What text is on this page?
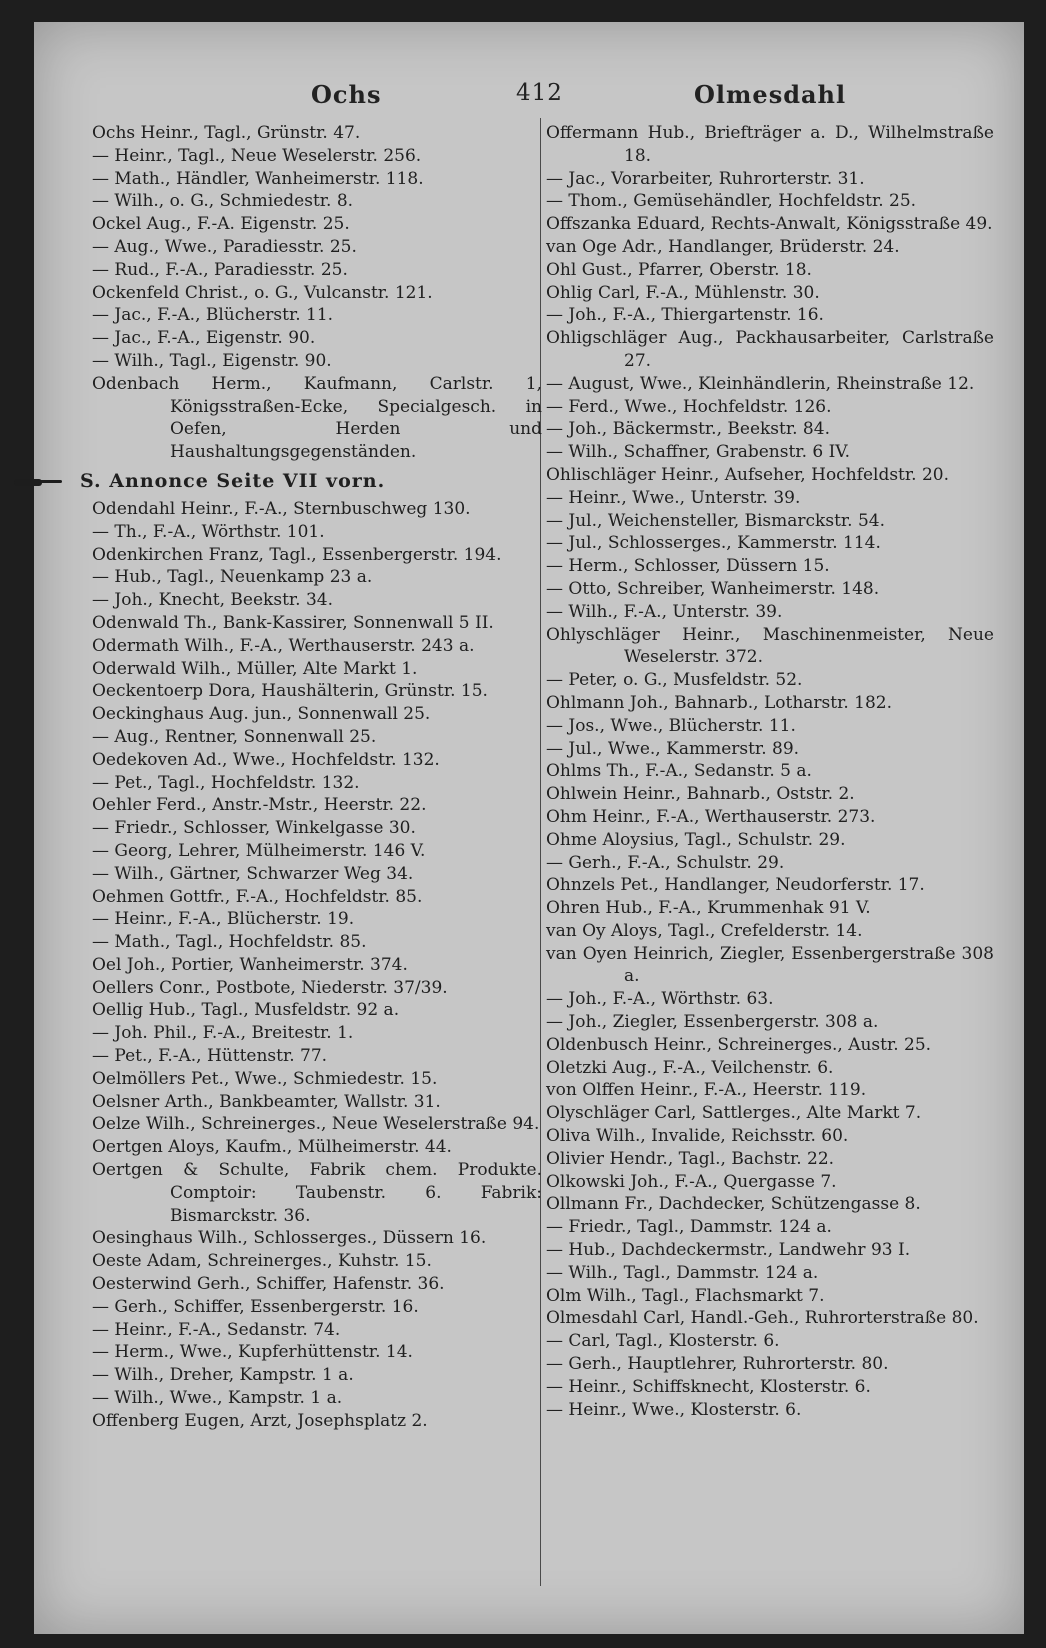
Ochs	412	Olmesdahl
Ochs Heinr., Tagl., Grünstr. 47.
— Heinr., Tagl., Neue Weselerstr. 256.
— Math., Händler, Wanheimerstr. 118.
— Wilh., o. G., Schmiedestr. 8.
Ockel Aug., F.-A. Eigenstr. 25.
— Aug., Wwe., Paradiesstr. 25.
— Rud., F.-A., Paradiesstr. 25.
Ockenfeld Christ., o. G., Vulcanstr. 121.
— Jac., F.-A., Blücherstr. 11.
— Jac., F.-A., Eigenstr. 90.
— Wilh., Tagl., Eigenstr. 90.
Odenbach Herm., Kaufmann, Carlstr. 1, Königsstraßen-Ecke, Specialgesch. in Oefen, Herden und Haushaltungsgegenständen.
S. Annonce Seite VII vorn.
Odendahl Heinr., F.-A., Sternbuschweg 130.
— Th., F.-A., Wörthstr. 101.
Odenkirchen Franz, Tagl., Essenbergerstr. 194.
— Hub., Tagl., Neuenkamp 23 a.
— Joh., Knecht, Beekstr. 34.
Odenwald Th., Bank-Kassirer, Sonnenwall 5 II.
Odermath Wilh., F.-A., Werthauserstr. 243 a.
Oderwald Wilh., Müller, Alte Markt 1.
Oeckentoerp Dora, Haushälterin, Grünstr. 15.
Oeckinghaus Aug. jun., Sonnenwall 25.
— Aug., Rentner, Sonnenwall 25.
Oedekoven Ad., Wwe., Hochfeldstr. 132.
— Pet., Tagl., Hochfeldstr. 132.
Oehler Ferd., Anstr.-Mstr., Heerstr. 22.
— Friedr., Schlosser, Winkelgasse 30.
— Georg, Lehrer, Mülheimerstr. 146 V.
— Wilh., Gärtner, Schwarzer Weg 34.
Oehmen Gottfr., F.-A., Hochfeldstr. 85.
— Heinr., F.-A., Blücherstr. 19.
— Math., Tagl., Hochfeldstr. 85.
Oel Joh., Portier, Wanheimerstr. 374.
Oellers Conr., Postbote, Niederstr. 37/39.
Oellig Hub., Tagl., Musfeldstr. 92 a.
— Joh. Phil., F.-A., Breitestr. 1.
— Pet., F.-A., Hüttenstr. 77.
Oelmöllers Pet., Wwe., Schmiedestr. 15.
Oelsner Arth., Bankbeamter, Wallstr. 31.
Oelze Wilh., Schreinerges., Neue Weselerstraße 94.
Oertgen Aloys, Kaufm., Mülheimerstr. 44.
Oertgen & Schulte, Fabrik chem. Produkte. Comptoir: Taubenstr. 6. Fabrik: Bismarckstr. 36.
Oesinghaus Wilh., Schlosserges., Düssern 16.
Oeste Adam, Schreinerges., Kuhstr. 15.
Oesterwind Gerh., Schiffer, Hafenstr. 36.
— Gerh., Schiffer, Essenbergerstr. 16.
— Heinr., F.-A., Sedanstr. 74.
— Herm., Wwe., Kupferhüttenstr. 14.
— Wilh., Dreher, Kampstr. 1 a.
— Wilh., Wwe., Kampstr. 1 a.
Offenberg Eugen, Arzt, Josephsplatz 2.
Offermann Hub., Briefträger a. D., Wilhelmstraße 18.
— Jac., Vorarbeiter, Ruhrorterstr. 31.
— Thom., Gemüsehändler, Hochfeldstr. 25.
Offszanka Eduard, Rechts-Anwalt, Königsstraße 49.
van Oge Adr., Handlanger, Brüderstr. 24.
Ohl Gust., Pfarrer, Oberstr. 18.
Ohlig Carl, F.-A., Mühlenstr. 30.
— Joh., F.-A., Thiergartenstr. 16.
Ohligschläger Aug., Packhausarbeiter, Carlstraße 27.
— August, Wwe., Kleinhändlerin, Rheinstraße 12.
— Ferd., Wwe., Hochfeldstr. 126.
— Joh., Bäckermstr., Beekstr. 84.
— Wilh., Schaffner, Grabenstr. 6 IV.
Ohlischläger Heinr., Aufseher, Hochfeldstr. 20.
— Heinr., Wwe., Unterstr. 39.
— Jul., Weichensteller, Bismarckstr. 54.
— Jul., Schlosserges., Kammerstr. 114.
— Herm., Schlosser, Düssern 15.
— Otto, Schreiber, Wanheimerstr. 148.
— Wilh., F.-A., Unterstr. 39.
Ohlyschläger Heinr., Maschinenmeister, Neue Weselerstr. 372.
— Peter, o. G., Musfeldstr. 52.
Ohlmann Joh., Bahnarb., Lotharstr. 182.
— Jos., Wwe., Blücherstr. 11.
— Jul., Wwe., Kammerstr. 89.
Ohlms Th., F.-A., Sedanstr. 5 a.
Ohlwein Heinr., Bahnarb., Oststr. 2.
Ohm Heinr., F.-A., Werthauserstr. 273.
Ohme Aloysius, Tagl., Schulstr. 29.
— Gerh., F.-A., Schulstr. 29.
Ohnzels Pet., Handlanger, Neudorferstr. 17.
Ohren Hub., F.-A., Krummenhak 91 V.
van Oy Aloys, Tagl., Crefelderstr. 14.
van Oyen Heinrich, Ziegler, Essenbergerstraße 308 a.
— Joh., F.-A., Wörthstr. 63.
— Joh., Ziegler, Essenbergerstr. 308 a.
Oldenbusch Heinr., Schreinerges., Austr. 25.
Oletzki Aug., F.-A., Veilchenstr. 6.
von Olffen Heinr., F.-A., Heerstr. 119.
Olyschläger Carl, Sattlerges., Alte Markt 7.
Oliva Wilh., Invalide, Reichsstr. 60.
Olivier Hendr., Tagl., Bachstr. 22.
Olkowski Joh., F.-A., Quergasse 7.
Ollmann Fr., Dachdecker, Schützengasse 8.
— Friedr., Tagl., Dammstr. 124 a.
— Hub., Dachdeckermstr., Landwehr 93 I.
— Wilh., Tagl., Dammstr. 124 a.
Olm Wilh., Tagl., Flachsmarkt 7.
Olmesdahl Carl, Handl.-Geh., Ruhrorterstraße 80.
— Carl, Tagl., Klosterstr. 6.
— Gerh., Hauptlehrer, Ruhrorterstr. 80.
— Heinr., Schiffsknecht, Klosterstr. 6.
— Heinr., Wwe., Klosterstr. 6.
